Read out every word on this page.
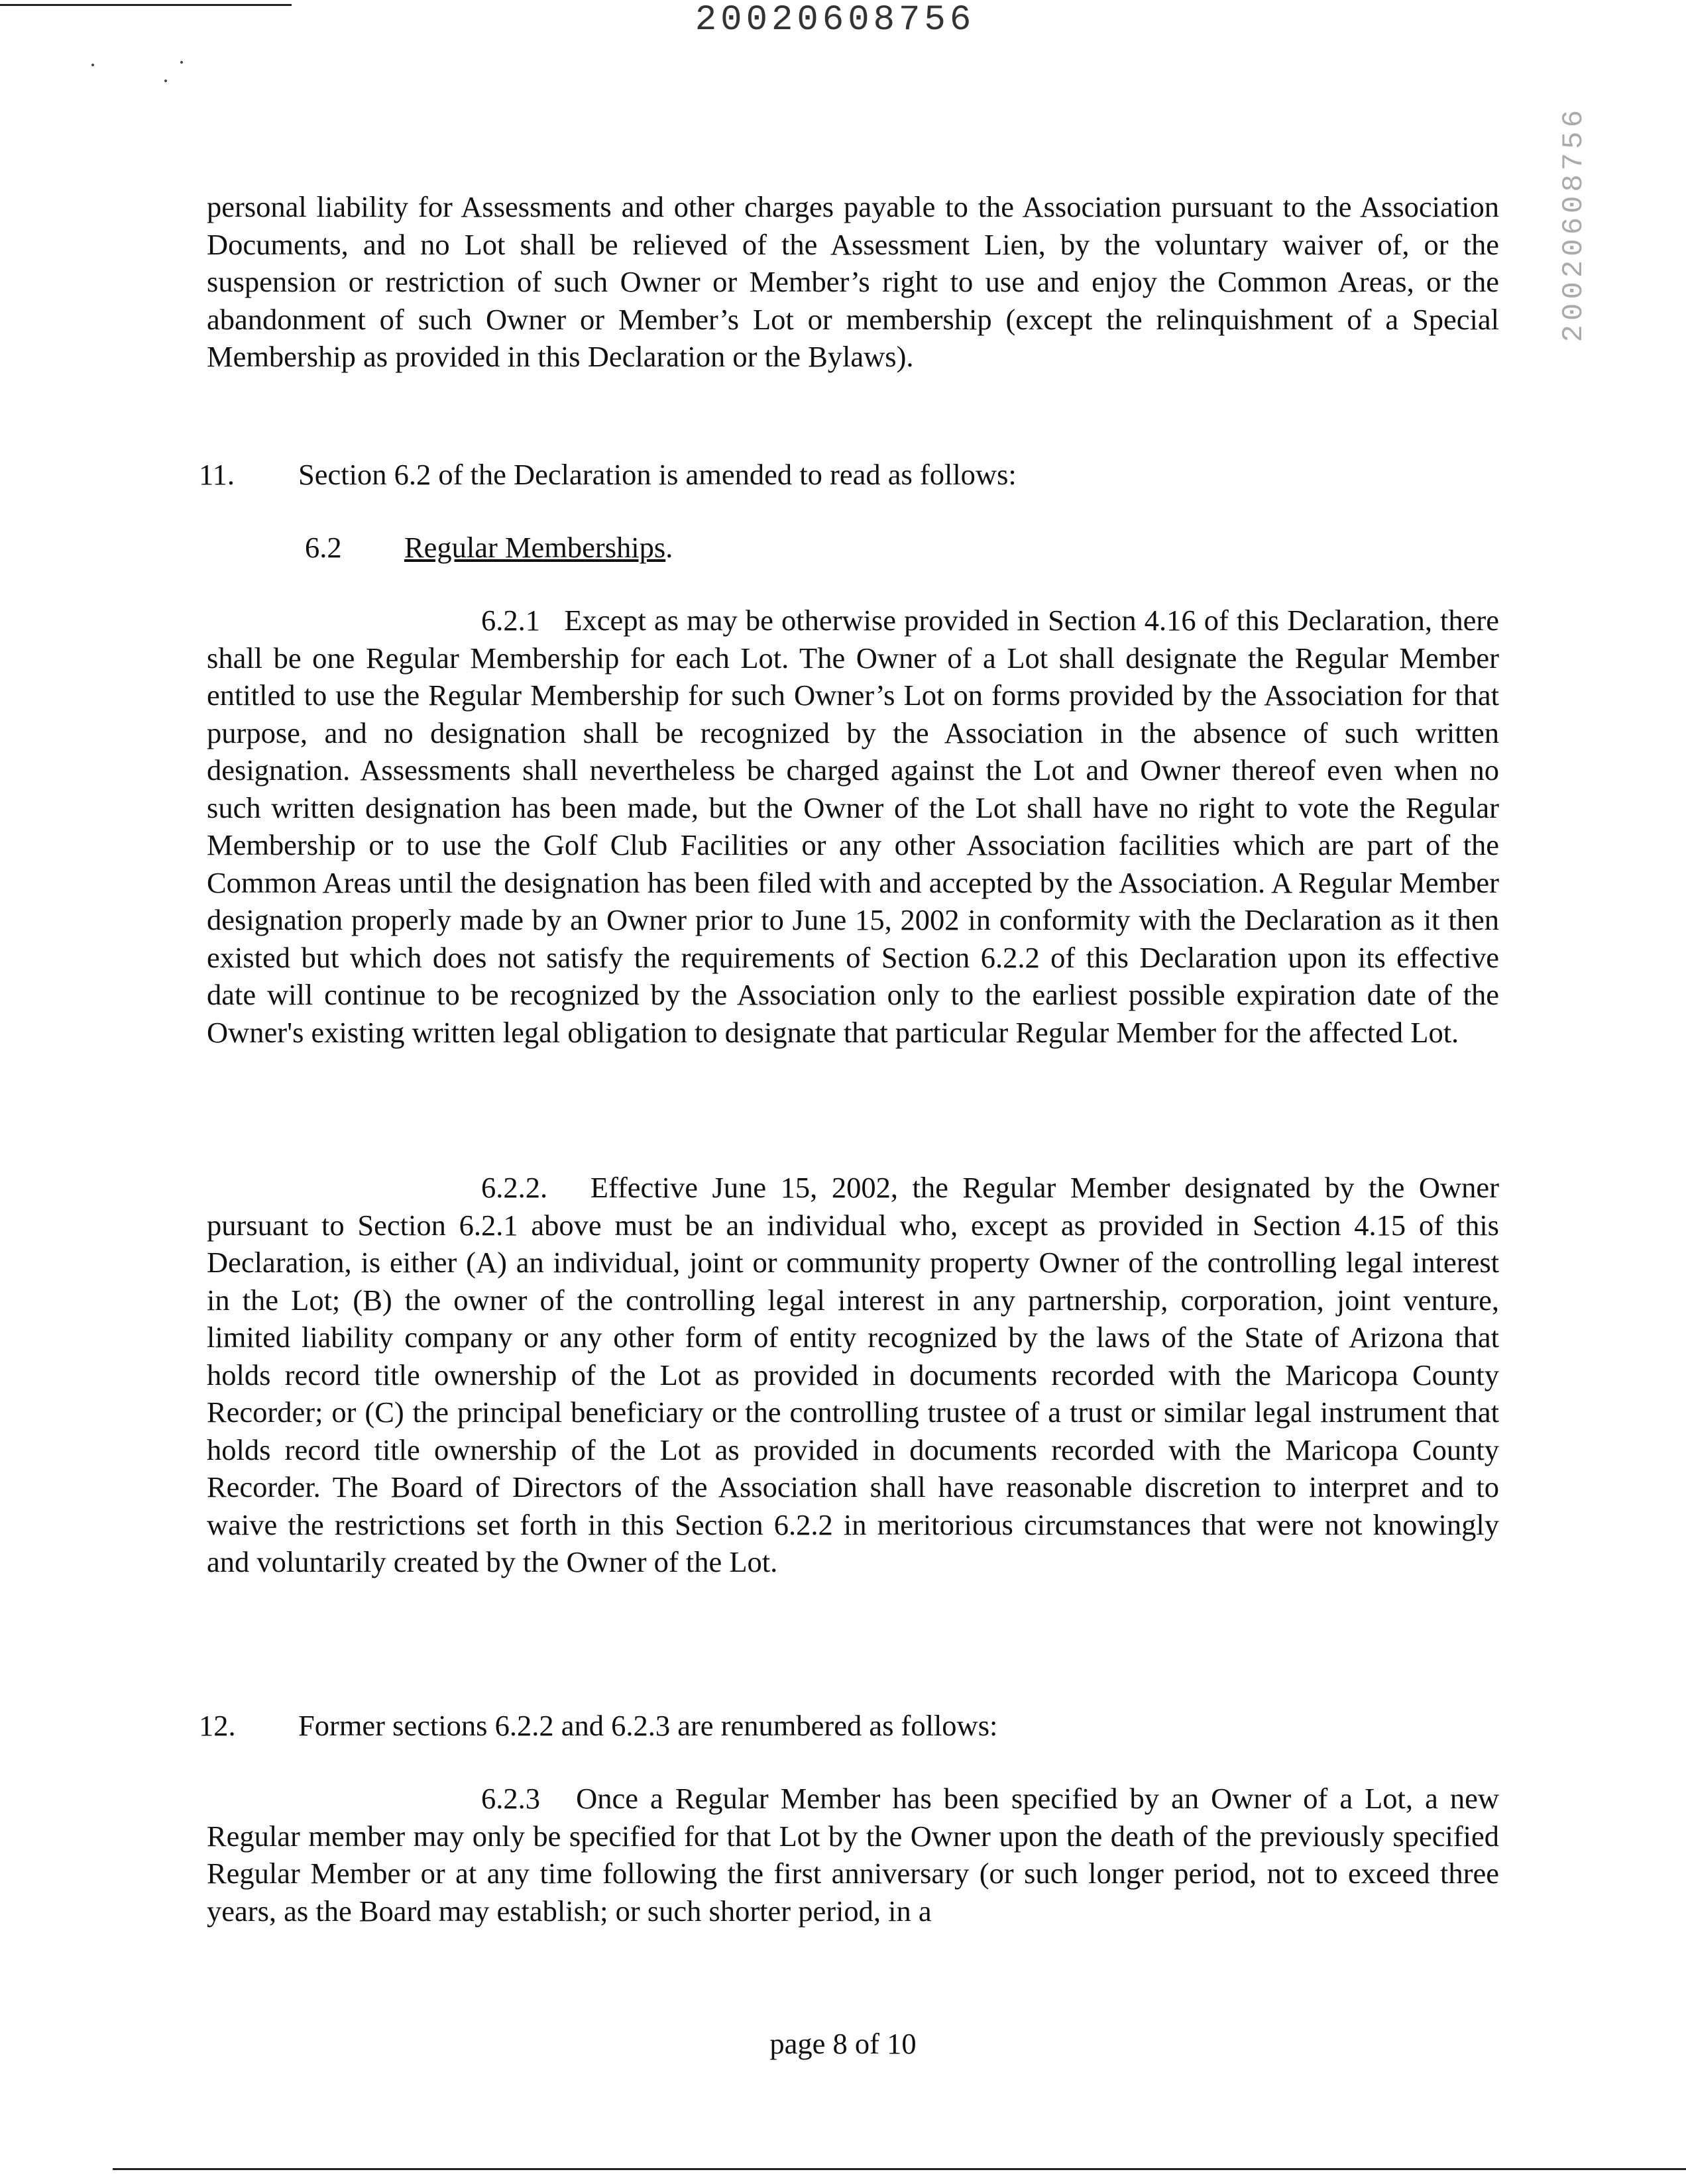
20020608756
20020608756

personal liability for Assessments and other charges payable to the Association pursuant to the Association Documents, and no Lot shall be relieved of the Assessment Lien, by the voluntary waiver of, or the suspension or restriction of such Owner or Member’s right to use and enjoy the Common Areas, or the abandonment of such Owner or Member’s Lot or membership (except the relinquishment of a Special Membership as provided in this Declaration or the Bylaws).

11. Section 6.2 of the Declaration is amended to read as follows:
6.2 Regular Memberships.

6.2.1 Except as may be otherwise provided in Section 4.16 of this Declaration, there shall be one Regular Membership for each Lot. The Owner of a Lot shall designate the Regular Member entitled to use the Regular Membership for such Owner’s Lot on forms provided by the Association for that purpose, and no designation shall be recognized by the Association in the absence of such written designation. Assessments shall nevertheless be charged against the Lot and Owner thereof even when no such written designation has been made, but the Owner of the Lot shall have no right to vote the Regular Membership or to use the Golf Club Facilities or any other Association facilities which are part of the Common Areas until the designation has been filed with and accepted by the Association. A Regular Member designation properly made by an Owner prior to June 15, 2002 in conformity with the Declaration as it then existed but which does not satisfy the requirements of Section 6.2.2 of this Declaration upon its effective date will continue to be recognized by the Association only to the earliest possible expiration date of the Owner's existing written legal obligation to designate that particular Regular Member for the affected Lot.

6.2.2. Effective June 15, 2002, the Regular Member designated by the Owner pursuant to Section 6.2.1 above must be an individual who, except as provided in Section 4.15 of this Declaration, is either (A) an individual, joint or community property Owner of the controlling legal interest in the Lot; (B) the owner of the controlling legal interest in any partnership, corporation, joint venture, limited liability company or any other form of entity recognized by the laws of the State of Arizona that holds record title ownership of the Lot as provided in documents recorded with the Maricopa County Recorder; or (C) the principal beneficiary or the controlling trustee of a trust or similar legal instrument that holds record title ownership of the Lot as provided in documents recorded with the Maricopa County Recorder. The Board of Directors of the Association shall have reasonable discretion to interpret and to waive the restrictions set forth in this Section 6.2.2 in meritorious circumstances that were not knowingly and voluntarily created by the Owner of the Lot.

12. Former sections 6.2.2 and 6.2.3 are renumbered as follows:

6.2.3 Once a Regular Member has been specified by an Owner of a Lot, a new Regular member may only be specified for that Lot by the Owner upon the death of the previously specified Regular Member or at any time following the first anniversary (or such longer period, not to exceed three years, as the Board may establish; or such shorter period, in a

page 8 of 10
